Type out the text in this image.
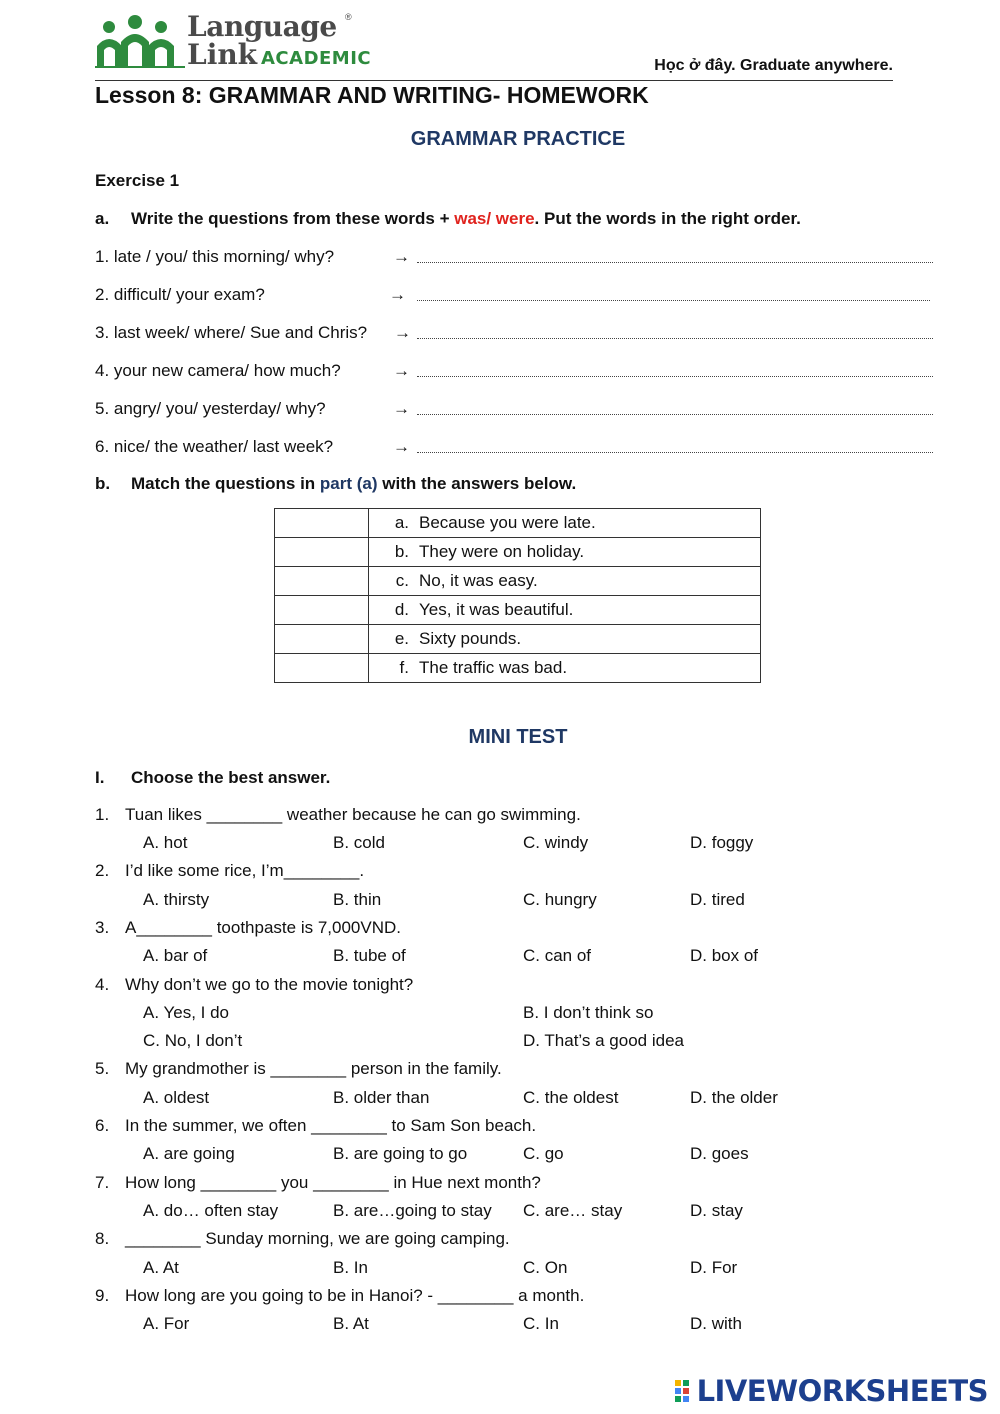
Language ®
Link ACADEMIC	Học ở đây. Graduate anywhere.
Lesson 8: GRAMMAR AND WRITING- HOMEWORK
GRAMMAR PRACTICE
Exercise 1
a. Write the questions from these words + was/ were. Put the words in the right order.
1. late / you/ this morning/ why?	→
2. difficult/ your exam?	→
3. last week/ where/ Sue and Chris? →
4. your new camera/ how much?	→
5. angry/ you/ yesterday/ why?	→
6. nice/ the weather/ last week?	→
b. Match the questions in part (a) with the answers below.
	a. Because you were late.
	b. They were on holiday.
	c. No, it was easy.
	d. Yes, it was beautiful.
	e. Sixty pounds.
	f. The traffic was bad.
MINI TEST
I. Choose the best answer.
1. Tuan likes ________ weather because he can go swimming.
A. hot	B. cold	C. windy	D. foggy
2. I’d like some rice, I’m________.
A. thirsty	B. thin	C. hungry	D. tired
3. A________ toothpaste is 7,000VND.
A. bar of	B. tube of	C. can of	D. box of
4. Why don’t we go to the movie tonight?
A. Yes, I do	B. I don’t think so
C. No, I don’t	D. That’s a good idea
5. My grandmother is ________ person in the family.
A. oldest	B. older than	C. the oldest	D. the older
6. In the summer, we often ________ to Sam Son beach.
A. are going	B. are going to go	C. go	D. goes
7. How long ________ you ________ in Hue next month?
A. do… often stay	B. are…going to stay C. are… stay	D. stay
8. ________ Sunday morning, we are going camping.
A. At	B. In	C. On	D. For
9. How long are you going to be in Hanoi? - ________ a month.
A. For	B. At	C. In	D. with
LIVEWORKSHEETS
